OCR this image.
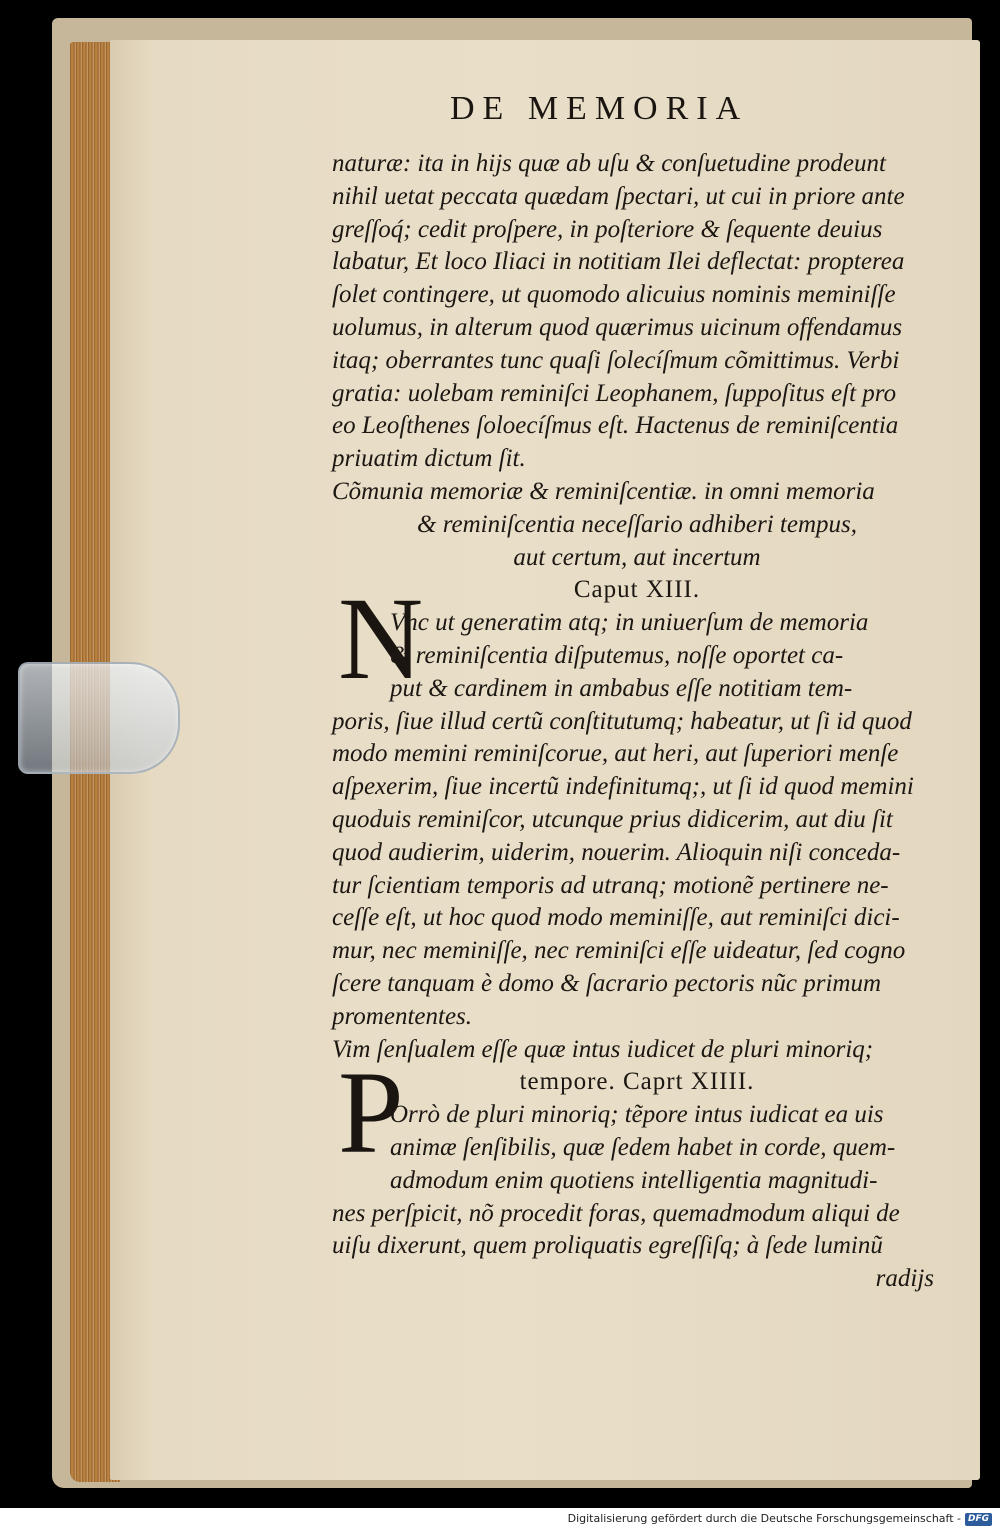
DE MEMORIA
N
P
naturæ: ita in hijs quæ ab uſu & conſuetudine prodeunt
nihil uetat peccata quædam ſpectari, ut cui in priore ante
greſſoq́; cedit proſpere, in poſteriore & ſequente deuius
labatur, Et loco Iliaci in notitiam Ilei deflectat: propterea
ſolet contingere, ut quomodo alicuius nominis meminiſſe
uolumus, in alterum quod quærimus uicinum offendamus
itaq; oberrantes tunc quaſi ſolecíſmum cõmittimus. Verbi
gratia: uolebam reminiſci Leophanem, ſuppoſitus eſt pro
eo Leoſthenes ſoloecíſmus eſt. Hactenus de reminiſcentia
priuatim dictum ſit.
Cõmunia memoriæ & reminiſcentiæ. in omni memoria
& reminiſcentia neceſſario adhiberi tempus,
aut certum, aut incertum
Caput XIII.
Vnc ut generatim atq; in uniuerſum de memoria
& reminiſcentia diſputemus, noſſe oportet ca-
put & cardinem in ambabus eſſe notitiam tem-
poris, ſiue illud certũ conſtitutumq; habeatur, ut ſi id quod
modo memini reminiſcorue, aut heri, aut ſuperiori menſe
aſpexerim, ſiue incertũ indefinitumq;, ut ſi id quod memini
quoduis reminiſcor, utcunque prius didicerim, aut diu ſit
quod audierim, uiderim, nouerim. Alioquin niſi conceda-
tur ſcientiam temporis ad utranq; motionẽ pertinere ne-
ceſſe eſt, ut hoc quod modo meminiſſe, aut reminiſci dici-
mur, nec meminiſſe, nec reminiſci eſſe uideatur, ſed cogno
ſcere tanquam è domo & ſacrario pectoris nũc primum
promententes.
Vim ſenſualem eſſe quæ intus iudicet de pluri minoriq;
tempore. Caprt XIIII.
Orrò de pluri minoriq; tẽpore intus iudicat ea uis
animæ ſenſibilis, quæ ſedem habet in corde, quem-
admodum enim quotiens intelligentia magnitudi-
nes perſpicit, nõ procedit foras, quemadmodum aliqui de
uiſu dixerunt, quem proliquatis egreſſiſq; à ſede luminũ
radijs
Digitalisierung gefördert durch die Deutsche Forschungsgemeinschaft - DFG
